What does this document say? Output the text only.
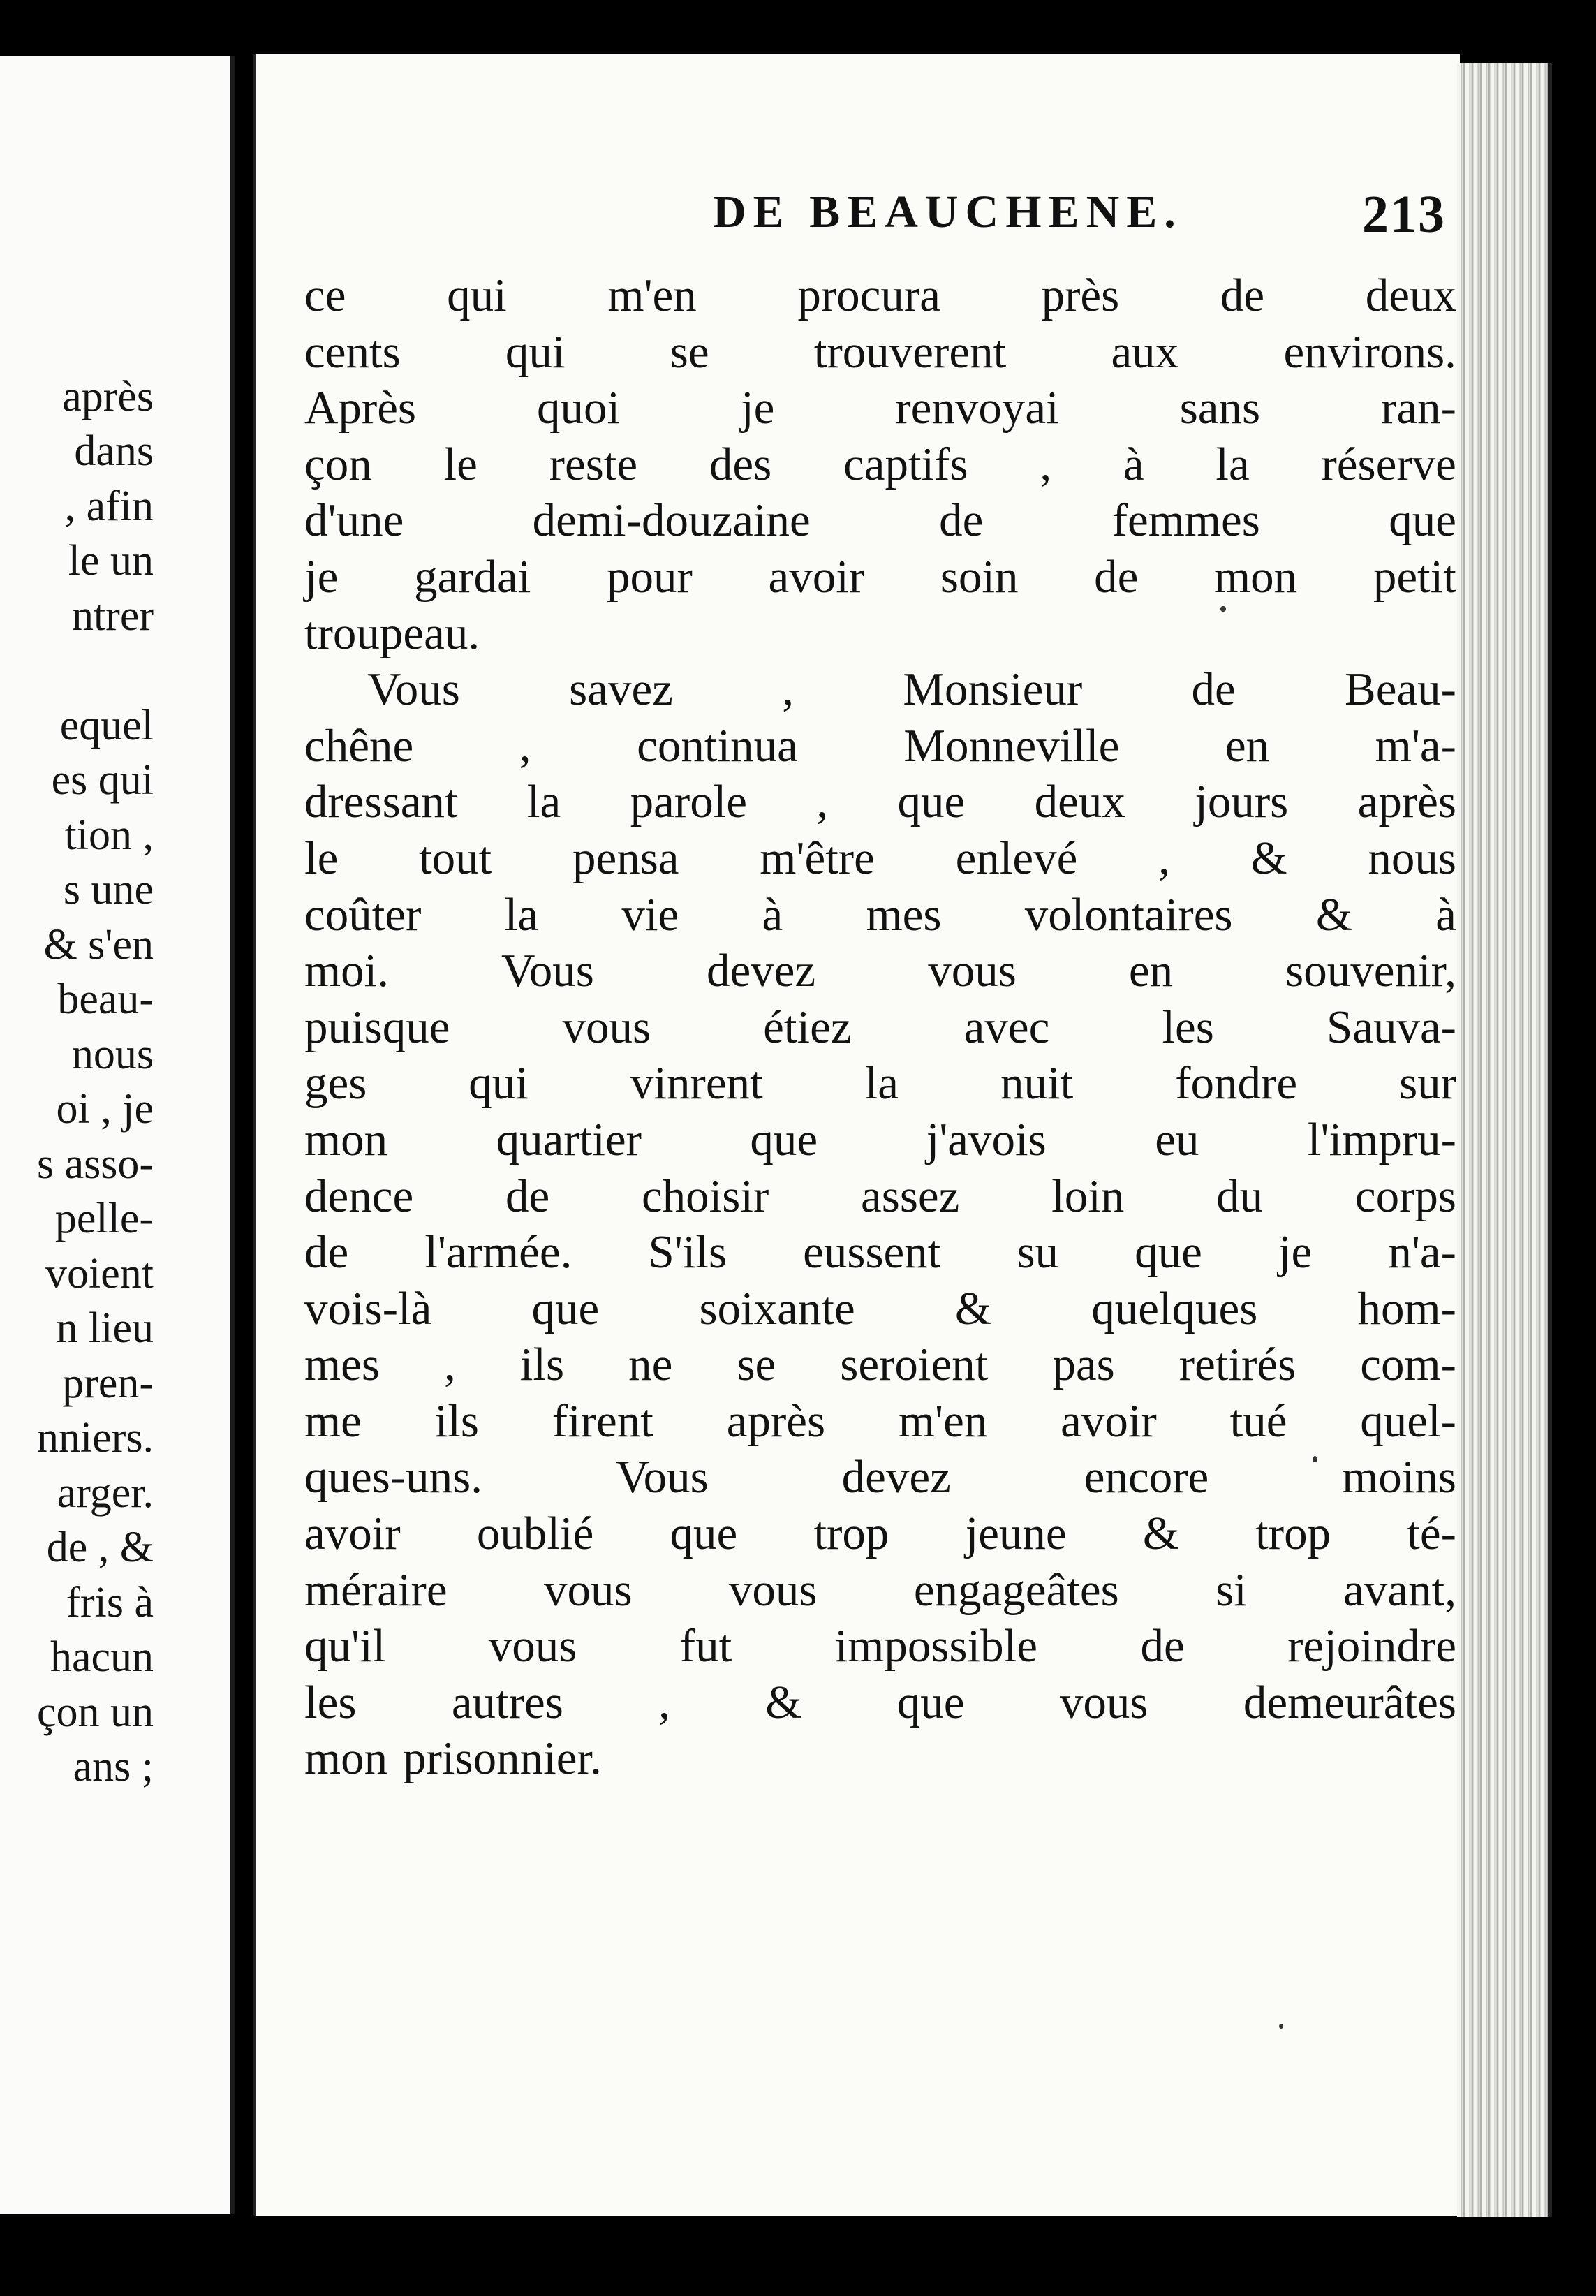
après
dans
, afin
le un
ntrer
equel
es qui
tion ,
s une
& s'en
beau-
nous
oi , je
s asso-
pelle-
voient
n lieu
pren-
nniers.
arger.
de , &
fris à
hacun
çon un
ans ;
DE BEAUCHENE.	213
ce qui m'en procura près de deux
cents qui se trouverent aux environs.
Après	quoi	je	renvoyai	sans	ran-
çon le reste des captifs , à la réserve
d'une	demi-douzaine	de	femmes	que
je gardai pour avoir soin de mon petit
troupeau.
Vous savez , Monsieur de Beau-
chêne , continua Monneville en m'a-
dressant la parole , que deux jours après
le tout pensa m'être enlevé , & nous
coûter la vie à mes volontaires & à
moi. Vous devez vous en souvenir,
puisque vous étiez avec les Sauva-
ges qui vinrent la nuit fondre sur
mon quartier que j'avois eu l'impru-
dence de choisir assez loin du corps
de l'armée. S'ils eussent su que je n'a-
vois-là que soixante & quelques hom-
mes , ils ne se seroient pas retirés com-
me ils firent après m'en avoir tué quel-
ques-uns.	Vous	devez	encore	moins
avoir oublié que trop jeune & trop té-
méraire vous vous engageâtes si avant,
qu'il vous fut impossible de rejoindre
les autres , & que vous demeurâtes
mon prisonnier.
